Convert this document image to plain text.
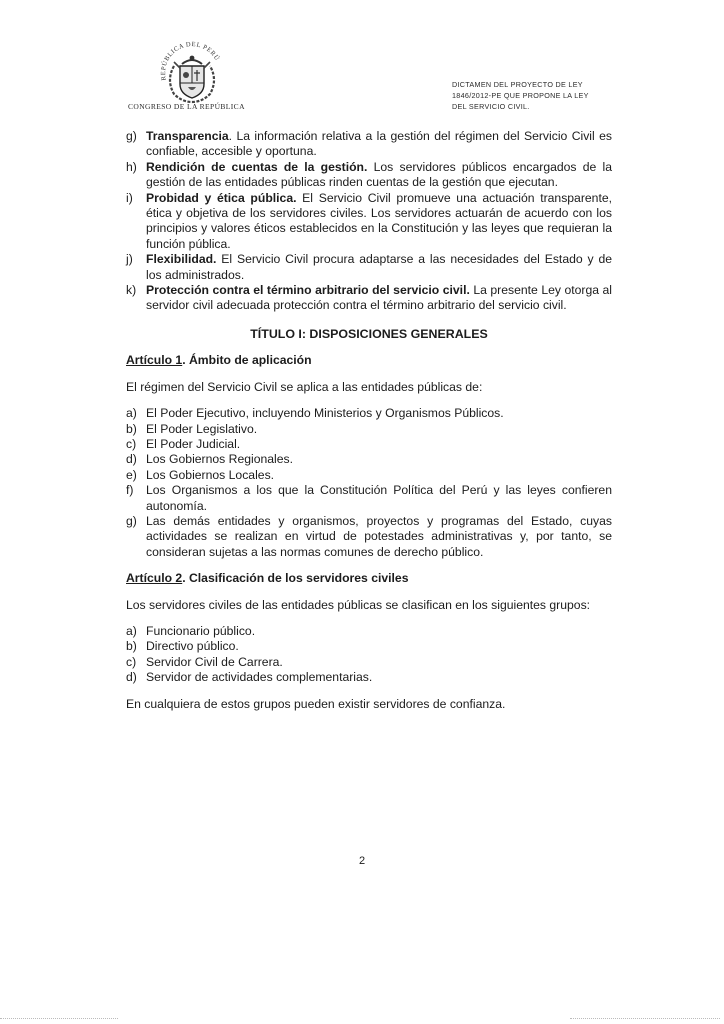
REPÚBLICA DEL PERÚ
CONGRESO DE LA REPÚBLICA
DICTAMEN DEL PROYECTO DE LEY
1846/2012-PE QUE PROPONE LA LEY
DEL SERVICIO CIVIL.
g) Transparencia. La información relativa a la gestión del régimen del Servicio Civil es confiable, accesible y oportuna.
h) Rendición de cuentas de la gestión. Los servidores públicos encargados de la gestión de las entidades públicas rinden cuentas de la gestión que ejecutan.
i) Probidad y ética pública. El Servicio Civil promueve una actuación transparente, ética y objetiva de los servidores civiles. Los servidores actuarán de acuerdo con los principios y valores éticos establecidos en la Constitución y las leyes que requieran la función pública.
j) Flexibilidad. El Servicio Civil procura adaptarse a las necesidades del Estado y de los administrados.
k) Protección contra el término arbitrario del servicio civil. La presente Ley otorga al servidor civil adecuada protección contra el término arbitrario del servicio civil.
TÍTULO I: DISPOSICIONES GENERALES
Artículo 1. Ámbito de aplicación
El régimen del Servicio Civil se aplica a las entidades públicas de:
a) El Poder Ejecutivo, incluyendo Ministerios y Organismos Públicos.
b) El Poder Legislativo.
c) El Poder Judicial.
d) Los Gobiernos Regionales.
e) Los Gobiernos Locales.
f) Los Organismos a los que la Constitución Política del Perú y las leyes confieren autonomía.
g) Las demás entidades y organismos, proyectos y programas del Estado, cuyas actividades se realizan en virtud de potestades administrativas y, por tanto, se consideran sujetas a las normas comunes de derecho público.
Artículo 2. Clasificación de los servidores civiles
Los servidores civiles de las entidades públicas se clasifican en los siguientes grupos:
a) Funcionario público.
b) Directivo público.
c) Servidor Civil de Carrera.
d) Servidor de actividades complementarias.
En cualquiera de estos grupos pueden existir servidores de confianza.
2
